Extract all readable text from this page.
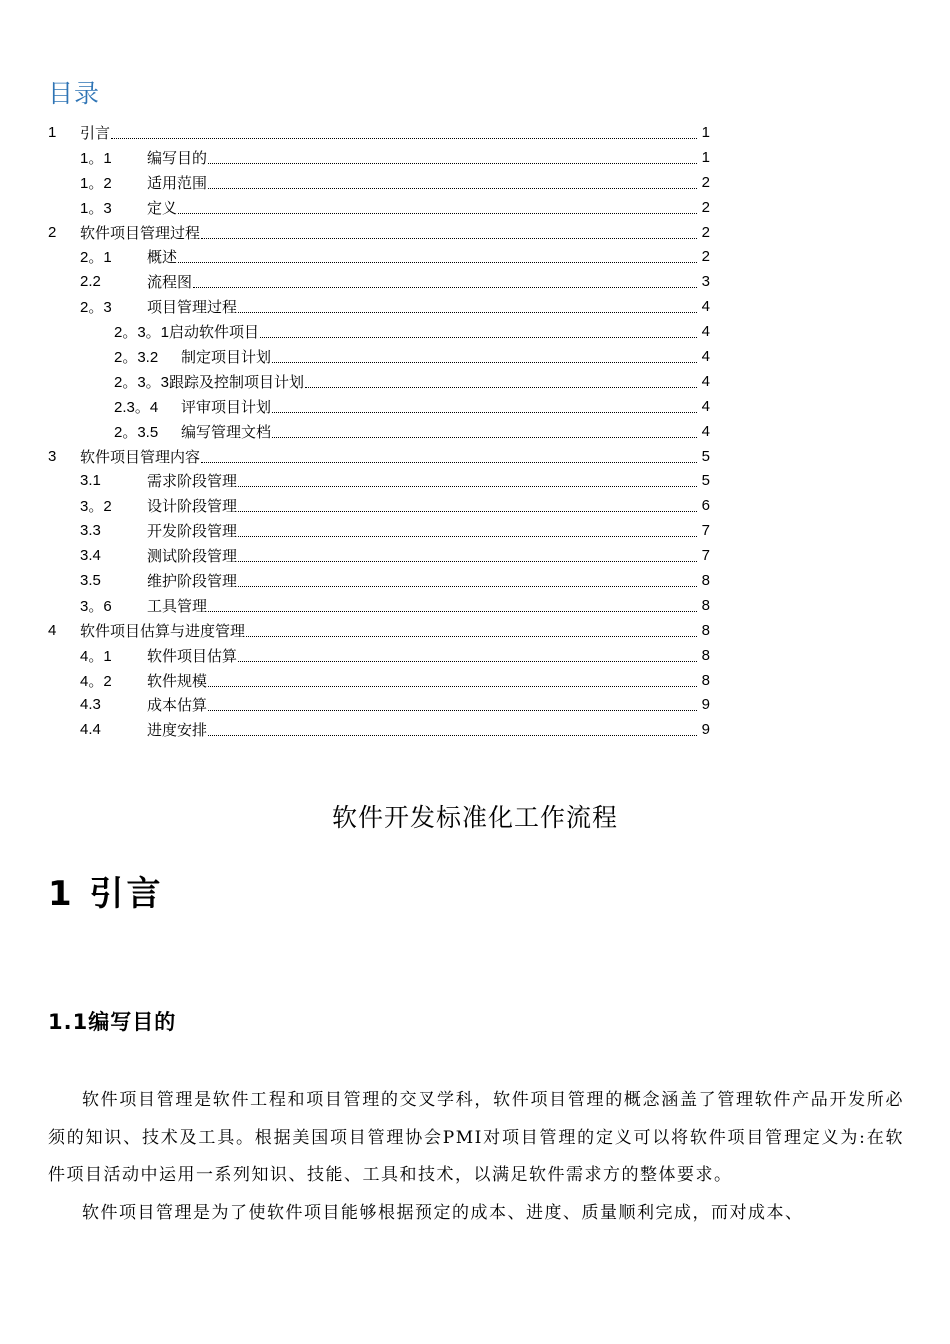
目录
1	引言	1
1。1	编写目的	1
1。2	适用范围	2
1。3	定义	2
2	软件项目管理过程	2
2。1	概述	2
2.2	流程图	3
2。3	项目管理过程	4
2。3。1 启动软件项目	4
2。3.2	制定项目计划	4
2。3。3 跟踪及控制项目计划	4
2.3。4	评审项目计划	4
2。3.5	编写管理文档	4
3	软件项目管理内容	5
3.1	需求阶段管理	5
3。2	设计阶段管理	6
3.3	开发阶段管理	7
3.4	测试阶段管理	7
3.5	维护阶段管理	8
3。6	工具管理	8
4	软件项目估算与进度管理	8
4。1	软件项目估算	8
4。2	软件规模	8
4.3	成本估算	9
4.4	进度安排	9
软件开发标准化工作流程
1 引言
1.1编写目的

软件项目管理是软件工程和项目管理的交叉学科，软件项目管理的概念涵盖了管理软件产品开发所必须的知识、技术及工具。根据美国项目管理协会PMI对项目管理的定义可以将软件项目管理定义为:在软件项目活动中运用一系列知识、技能、工具和技术，以满足软件需求方的整体要求。

软件项目管理是为了使软件项目能够根据预定的成本、进度、质量顺利完成，而对成本、
